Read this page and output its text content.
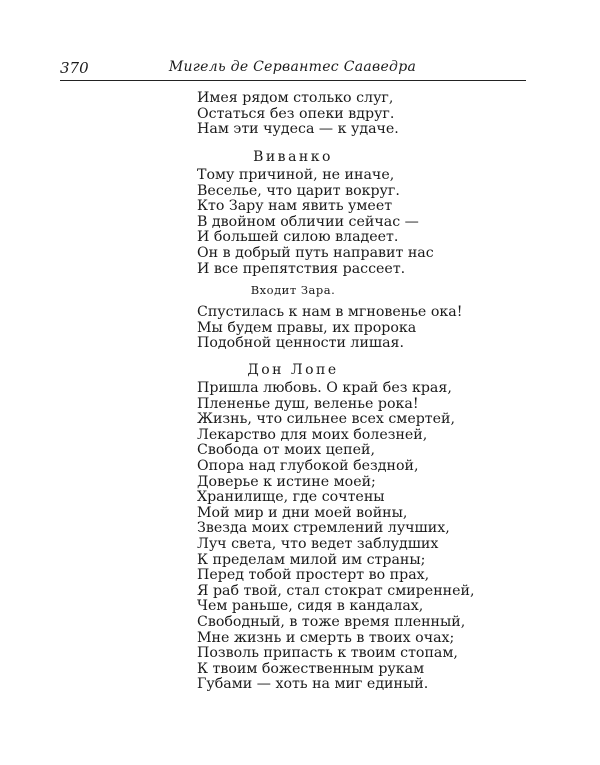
370	Мигель де Сервантес Сааведра
Имея рядом столько слуг,
Остаться без опеки вдруг.
Нам эти чудеса — к удаче.
Виванко
Тому причиной, не иначе,
Веселье, что царит вокруг.
Кто Зару нам явить умеет
В двойном обличии сейчас —
И большей силою владеет.
Он в добрый путь направит нас
И все препятствия рассеет.
Входит Зара.
Спустилась к нам в мгновенье ока!
Мы будем правы, их пророка
Подобной ценности лишая.
Дон Лопе
Пришла любовь. О край без края,
Плененье душ, веленье рока!
Жизнь, что сильнее всех смертей,
Лекарство для моих болезней,
Свобода от моих цепей,
Опора над глубокой бездной,
Доверье к истине моей;
Хранилище, где сочтены
Мой мир и дни моей войны,
Звезда моих стремлений лучших,
Луч света, что ведет заблудших
К пределам милой им страны;
Перед тобой простерт во прах,
Я раб твой, стал стократ смиренней,
Чем раньше, сидя в кандалах,
Свободный, в тоже время пленный,
Мне жизнь и смерть в твоих очах;
Позволь припасть к твоим стопам,
К твоим божественным рукам
Губами — хоть на миг единый.
